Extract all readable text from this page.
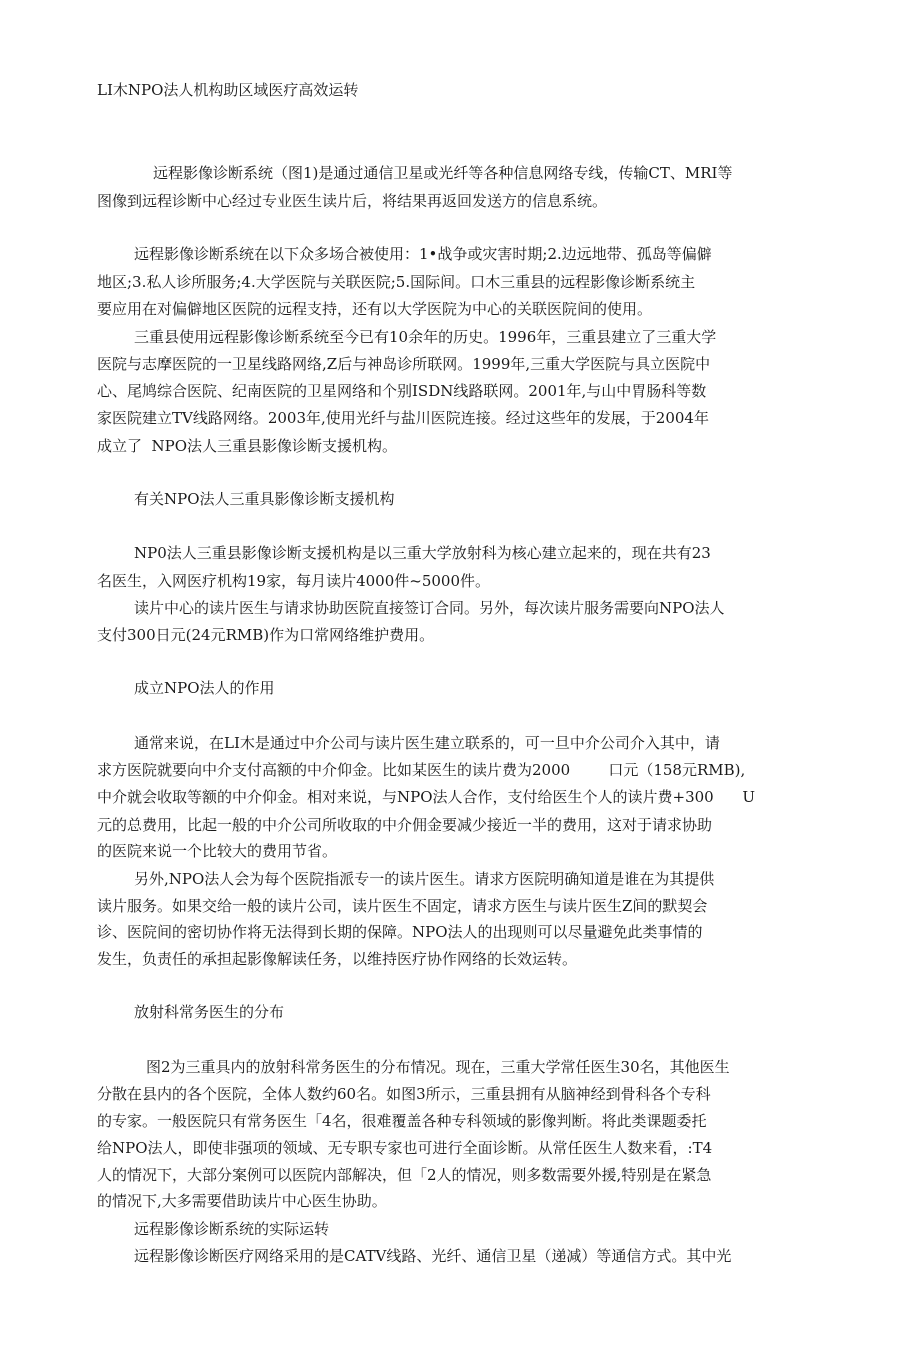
LI木NPO法人机构助区域医疗高效运转

远程影像诊断系统（图1)是通过通信卫星或光纤等各种信息网络专线，传输CT、MRI等

图像到远程诊断中心经过专业医生读片后，将结果再返回发送方的信息系统。

远程影像诊断系统在以下众多场合被使用：1•战争或灾害时期;2.边远地带、孤岛等偏僻

地区;3.私人诊所服务;4.大学医院与关联医院;5.国际间。口木三重县的远程影像诊断系统主

要应用在对偏僻地区医院的远程支持，还有以大学医院为中心的关联医院间的使用。

三重县使用远程影像诊断系统至今已有10余年的历史。1996年，三重县建立了三重大学

医院与志摩医院的一卫星线路网络,Z后与神岛诊所联网。1999年,三重大学医院与具立医院中

心、尾鸠综合医院、纪南医院的卫星网络和个别ISDN线路联网。2001年,与山中胃肠科等数

家医院建立TV线路网络。2003年,使用光纤与盐川医院连接。经过这些年的发展，于2004年

成立了  NPO法人三重县影像诊断支援机构。

有关NPO法人三重具影像诊断支援机构

NP0法人三重县影像诊断支援机构是以三重大学放射科为核心建立起来的，现在共有23

名医生，入网医疗机构19家，每月读片4000件~5000件。

读片中心的读片医生与请求协助医院直接签订合同。另外，每次读片服务需要向NPO法人

支付300日元(24元RMB)作为口常网络维护费用。

成立NPO法人的作用

通常来说，在LI木是通过中介公司与读片医生建立联系的，可一旦中介公司介入其中，请

求方医院就要向中介支付高额的中介仰金。比如某医生的读片费为2000        口元（158元RMB),

中介就会收取等额的中介仰金。相对来说，与NPO法人合作，支付给医生个人的读片费+300      U

元的总费用，比起一般的中介公司所收取的中介佣金要减少接近一半的费用，这对于请求协助

的医院来说一个比较大的费用节省。

另外,NPO法人会为每个医院指派专一的读片医生。请求方医院明确知道是谁在为其提供

读片服务。如果交给一般的读片公司，读片医生不固定，请求方医生与读片医生Z间的默契会

诊、医院间的密切协作将无法得到长期的保障。NPO法人的出现则可以尽量避免此类事情的

发生，负责任的承担起影像解读任务，以维持医疗协作网络的长效运转。

放射科常务医生的分布

图2为三重具内的放射科常务医生的分布情况。现在，三重大学常任医生30名，其他医生

分散在县内的各个医院，全体人数约60名。如图3所示，三重县拥有从脑神经到骨科各个专科

的专家。一般医院只有常务医生「4名，很难覆盖各种专科领域的影像判断。将此类课题委托

给NPO法人，即使非强项的领域、无专职专家也可进行全面诊断。从常任医生人数来看，:T4

人的情况下，大部分案例可以医院内部解决，但「2人的情况，则多数需要外援,特别是在紧急

的情况下,大多需要借助读片中心医生协助。

远程影像诊断系统的实际运转

远程影像诊断医疗网络采用的是CATV线路、光纤、通信卫星（递减）等通信方式。其中光
